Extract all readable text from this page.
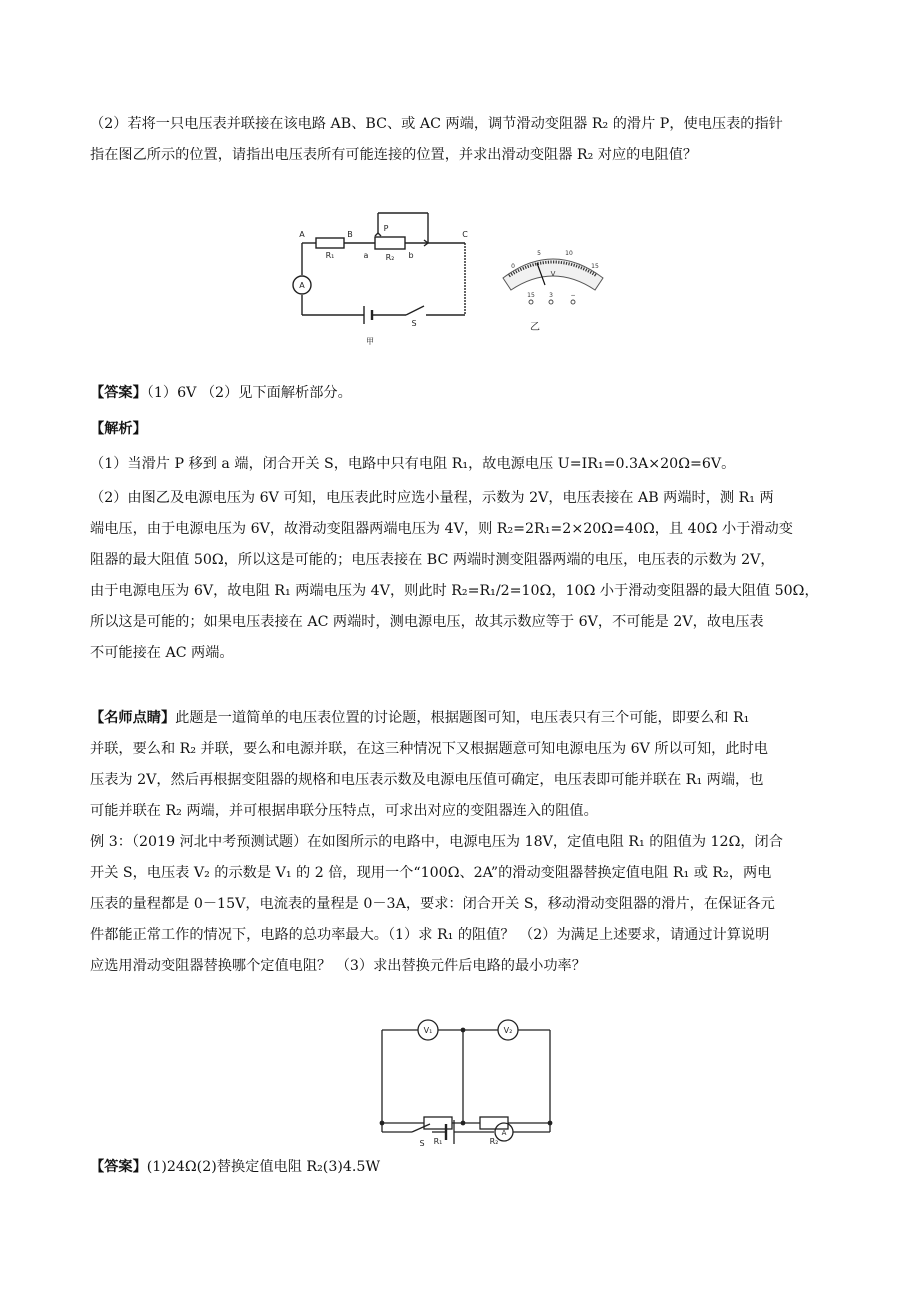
（2）若将一只电压表并联接在该电路 AB、BC、或 AC 两端，调节滑动变阻器 R₂ 的滑片 P，使电压表的指针
指在图乙所示的位置，请指出电压表所有可能连接的位置，并求出滑动变阻器 R₂ 对应的电阻值？

A	B	C
P
a	b
R₁	R₂
A
S
甲
0
5	10
15
V
15 3	−
乙

【答案】（1）6V （2）见下面解析部分。

【解析】

（1）当滑片 P 移到 a 端，闭合开关 S，电路中只有电阻 R₁，故电源电压 U=IR₁=0.3A×20Ω=6V。
（2）由图乙及电源电压为 6V 可知，电压表此时应选小量程，示数为 2V，电压表接在 AB 两端时，测 R₁ 两
端电压，由于电源电压为 6V，故滑动变阻器两端电压为 4V，则 R₂=2R₁=2×20Ω=40Ω，且 40Ω 小于滑动变
阻器的最大阻值 50Ω，所以这是可能的；电压表接在 BC 两端时测变阻器两端的电压，电压表的示数为 2V，
由于电源电压为 6V，故电阻 R₁ 两端电压为 4V，则此时 R₂=R₁/2=10Ω，10Ω 小于滑动变阻器的最大阻值 50Ω，
所以这是可能的；如果电压表接在 AC 两端时，测电源电压，故其示数应等于 6V，不可能是 2V，故电压表
不可能接在 AC 两端。

【名师点睛】此题是一道简单的电压表位置的讨论题，根据题图可知，电压表只有三个可能，即要么和 R₁
并联，要么和 R₂ 并联，要么和电源并联，在这三种情况下又根据题意可知电源电压为 6V 所以可知，此时电
压表为 2V，然后再根据变阻器的规格和电压表示数及电源电压值可确定，电压表即可能并联在 R₁ 两端，也
可能并联在 R₂ 两端，并可根据串联分压特点，可求出对应的变阻器连入的阻值。

例 3：（2019 河北中考预测试题）在如图所示的电路中，电源电压为 18V，定值电阻 R₁ 的阻值为 12Ω，闭合
开关 S，电压表 V₂ 的示数是 V₁ 的 2 倍，现用一个“100Ω、2A”的滑动变阻器替换定值电阻 R₁ 或 R₂，两电
压表的量程都是 0－15V，电流表的量程是 0－3A，要求：闭合开关 S，移动滑动变阻器的滑片，在保证各元
件都能正常工作的情况下，电路的总功率最大。（1）求 R₁ 的阻值？ （2）为满足上述要求，请通过计算说明
应选用滑动变阻器替换哪个定值电阻？ （3）求出替换元件后电路的最小功率？

V₁	V₂
R₁	R₂
S
A

【答案】(1)24Ω(2)替换定值电阻 R₂(3)4.5W
